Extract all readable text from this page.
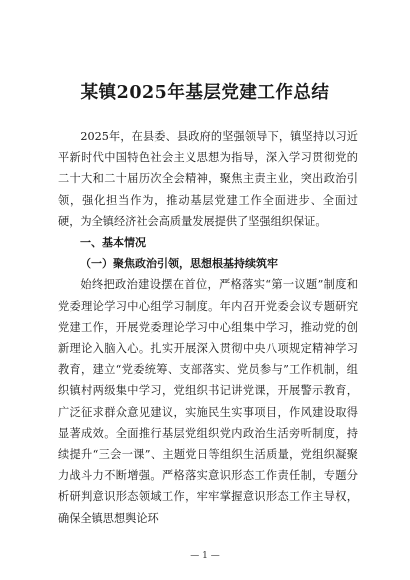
某镇2025年基层党建工作总结

2025年，在县委、县政府的坚强领导下，镇坚持以习近平新时代中国特色社会主义思想为指导，深入学习贯彻党的二十大和二十届历次全会精神，聚焦主责主业，突出政治引领，强化担当作为，推动基层党建工作全面进步、全面过硬，为全镇经济社会高质量发展提供了坚强组织保证。

一、基本情况

（一）聚焦政治引领，思想根基持续筑牢

始终把政治建设摆在首位，严格落实“第一议题”制度和党委理论学习中心组学习制度。年内召开党委会议专题研究党建工作，开展党委理论学习中心组集中学习，推动党的创新理论入脑入心。扎实开展深入贯彻中央八项规定精神学习教育，建立“党委统筹、支部落实、党员参与”工作机制，组织镇村两级集中学习，党组织书记讲党课，开展警示教育，广泛征求群众意见建议，实施民生实事项目，作风建设取得显著成效。全面推行基层党组织党内政治生活旁听制度，持续提升“三会一课”、主题党日等组织生活质量，党组织凝聚力战斗力不断增强。严格落实意识形态工作责任制，专题分析研判意识形态领域工作，牢牢掌握意识形态工作主导权，确保全镇思想舆论环

— 1 —
